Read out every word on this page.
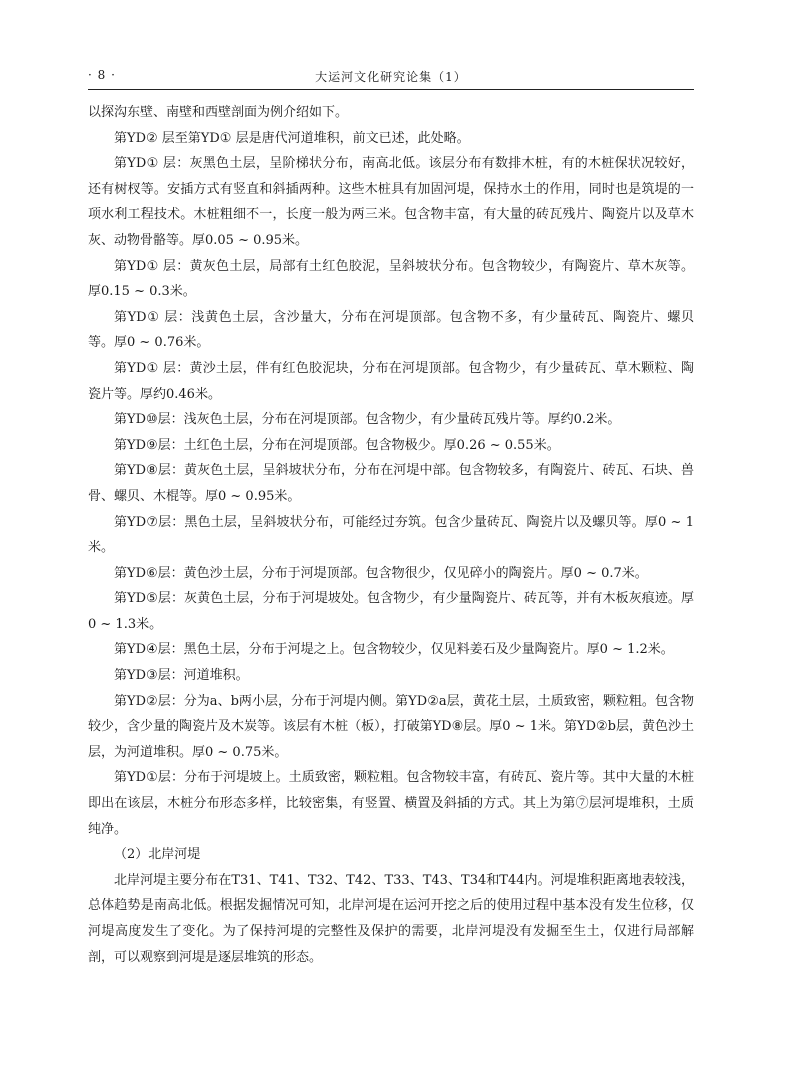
· 8 ·	大运河文化研究论集（1）

以探沟东壁、南壁和西壁剖面为例介绍如下。

第YD② 层至第YD① 层是唐代河道堆积，前文已述，此处略。

第YD① 层：灰黑色土层，呈阶梯状分布，南高北低。该层分布有数排木桩，有的木桩保状况较好，还有树杈等。安插方式有竖直和斜插两种。这些木桩具有加固河堤，保持水土的作用，同时也是筑堤的一项水利工程技术。木桩粗细不一，长度一般为两三米。包含物丰富，有大量的砖瓦残片、陶瓷片以及草木灰、动物骨骼等。厚0.05 ~ 0.95米。

第YD① 层：黄灰色土层，局部有土红色胶泥，呈斜坡状分布。包含物较少，有陶瓷片、草木灰等。厚0.15 ~ 0.3米。

第YD① 层：浅黄色土层，含沙量大，分布在河堤顶部。包含物不多，有少量砖瓦、陶瓷片、螺贝等。厚0 ~ 0.76米。

第YD① 层：黄沙土层，伴有红色胶泥块，分布在河堤顶部。包含物少，有少量砖瓦、草木颗粒、陶瓷片等。厚约0.46米。

第YD⑩层：浅灰色土层，分布在河堤顶部。包含物少，有少量砖瓦残片等。厚约0.2米。

第YD⑨层：土红色土层，分布在河堤顶部。包含物极少。厚0.26 ~ 0.55米。

第YD⑧层：黄灰色土层，呈斜坡状分布，分布在河堤中部。包含物较多，有陶瓷片、砖瓦、石块、兽骨、螺贝、木棍等。厚0 ~ 0.95米。

第YD⑦层：黑色土层，呈斜坡状分布，可能经过夯筑。包含少量砖瓦、陶瓷片以及螺贝等。厚0 ~ 1米。

第YD⑥层：黄色沙土层，分布于河堤顶部。包含物很少，仅见碎小的陶瓷片。厚0 ~ 0.7米。

第YD⑤层：灰黄色土层，分布于河堤坡处。包含物少，有少量陶瓷片、砖瓦等，并有木板灰痕迹。厚0 ~ 1.3米。

第YD④层：黑色土层，分布于河堤之上。包含物较少，仅见料姜石及少量陶瓷片。厚0 ~ 1.2米。

第YD③层：河道堆积。

第YD②层：分为a、b两小层，分布于河堤内侧。第YD②a层，黄花土层，土质致密，颗粒粗。包含物较少，含少量的陶瓷片及木炭等。该层有木桩（板），打破第YD⑧层。厚0 ~ 1米。第YD②b层，黄色沙土层，为河道堆积。厚0 ~ 0.75米。

第YD①层：分布于河堤坡上。土质致密，颗粒粗。包含物较丰富，有砖瓦、瓷片等。其中大量的木桩即出在该层，木桩分布形态多样，比较密集，有竖置、横置及斜插的方式。其上为第⑦层河堤堆积，土质纯净。

（2）北岸河堤

北岸河堤主要分布在T31、T41、T32、T42、T33、T43、T34和T44内。河堤堆积距离地表较浅，总体趋势是南高北低。根据发掘情况可知，北岸河堤在运河开挖之后的使用过程中基本没有发生位移，仅河堤高度发生了变化。为了保持河堤的完整性及保护的需要，北岸河堤没有发掘至生土，仅进行局部解剖，可以观察到河堤是逐层堆筑的形态。
